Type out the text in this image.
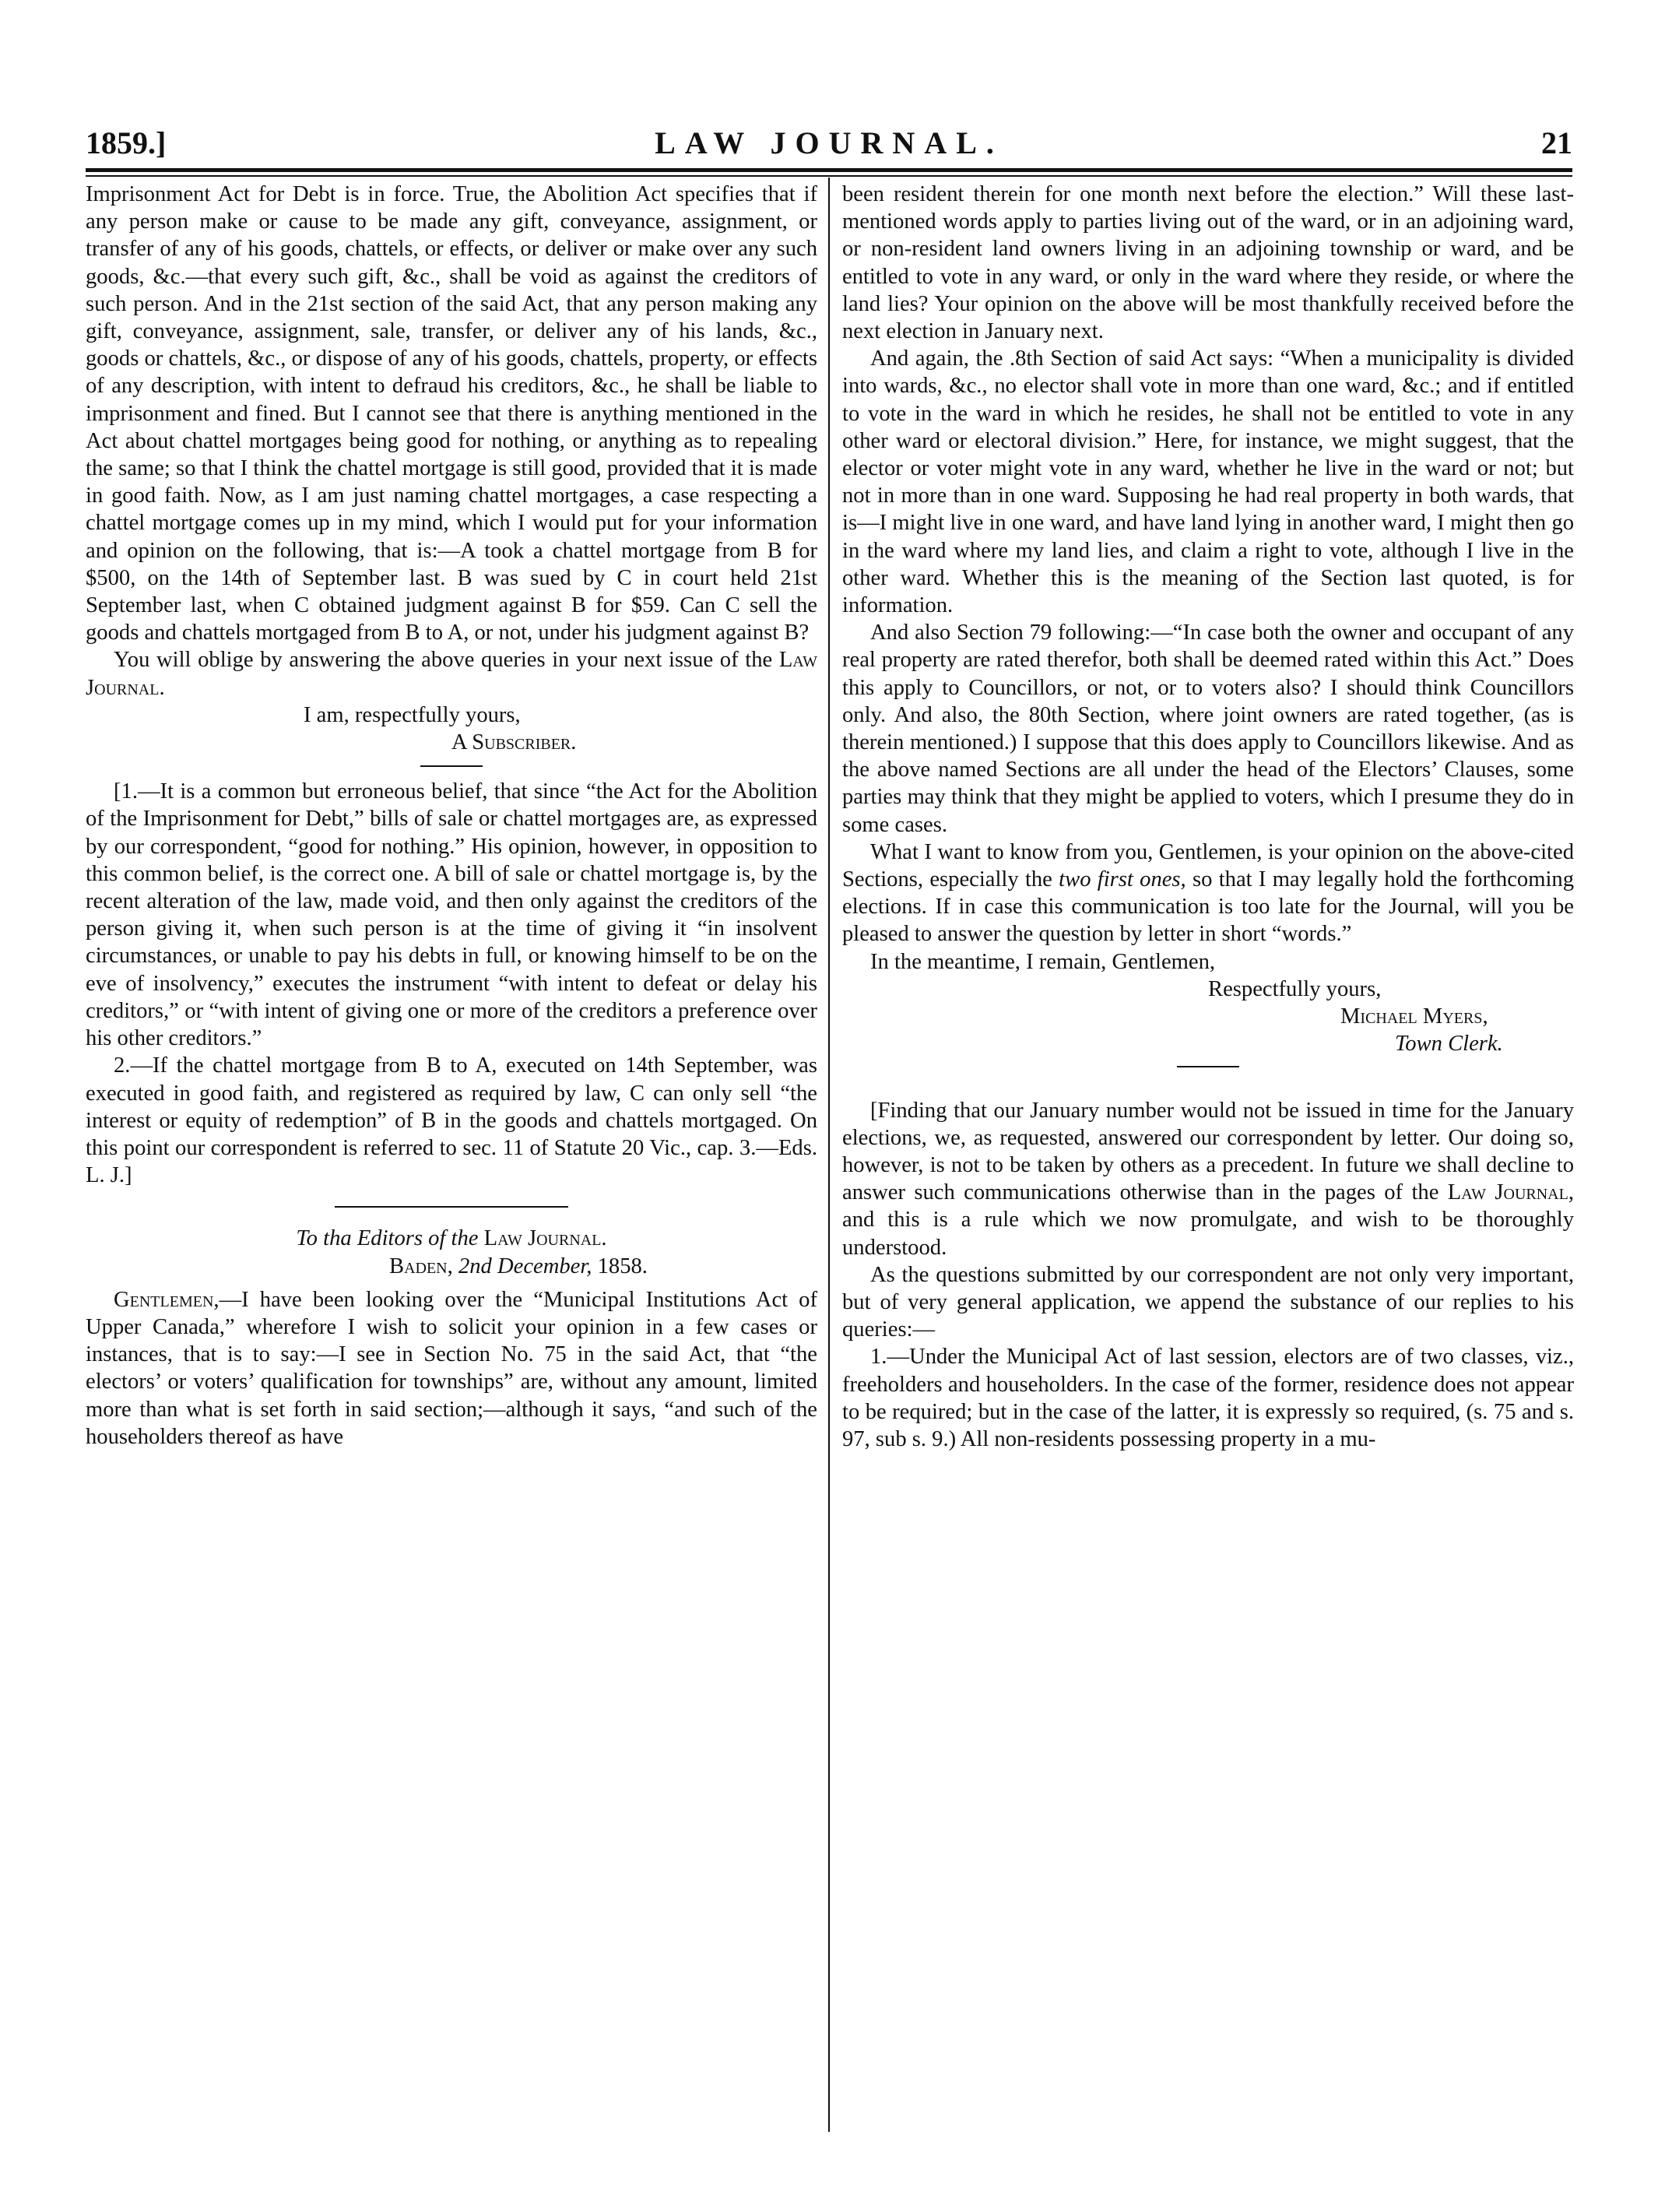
1859.]	LAW JOURNAL.	21

Imprisonment Act for Debt is in force. True, the Abolition Act specifies that if any person make or cause to be made any gift, conveyance, assignment, or transfer of any of his goods, chattels, or effects, or deliver or make over any such goods, &c.—that every such gift, &c., shall be void as against the creditors of such person. And in the 21st section of the said Act, that any person making any gift, conveyance, assignment, sale, transfer, or deliver any of his lands, &c., goods or chattels, &c., or dispose of any of his goods, chattels, property, or effects of any description, with intent to defraud his creditors, &c., he shall be liable to imprisonment and fined. But I cannot see that there is anything mentioned in the Act about chattel mortgages being good for nothing, or anything as to repealing the same; so that I think the chattel mortgage is still good, provided that it is made in good faith. Now, as I am just naming chattel mortgages, a case respecting a chattel mortgage comes up in my mind, which I would put for your information and opinion on the following, that is:—A took a chattel mortgage from B for $500, on the 14th of September last. B was sued by C in court held 21st September last, when C obtained judgment against B for $59. Can C sell the goods and chattels mortgaged from B to A, or not, under his judgment against B?

You will oblige by answering the above queries in your next issue of the Law Journal.

I am, respectfully yours,

A Subscriber.

[1.—It is a common but erroneous belief, that since “the Act for the Abolition of the Imprisonment for Debt,” bills of sale or chattel mortgages are, as expressed by our correspondent, “good for nothing.” His opinion, however, in opposition to this common belief, is the correct one. A bill of sale or chattel mortgage is, by the recent alteration of the law, made void, and then only against the creditors of the person giving it, when such person is at the time of giving it “in insolvent circumstances, or unable to pay his debts in full, or knowing himself to be on the eve of insolvency,” executes the instrument “with intent to defeat or delay his creditors,” or “with intent of giving one or more of the creditors a preference over his other creditors.”

2.—If the chattel mortgage from B to A, executed on 14th September, was executed in good faith, and registered as required by law, C can only sell “the interest or equity of redemption” of B in the goods and chattels mortgaged. On this point our correspondent is referred to sec. 11 of Statute 20 Vic., cap. 3.—Eds. L. J.]

To tha Editors of the Law Journal.

Baden, 2nd December, 1858.

Gentlemen,—I have been looking over the “Municipal Institutions Act of Upper Canada,” wherefore I wish to solicit your opinion in a few cases or instances, that is to say:—I see in Section No. 75 in the said Act, that “the electors’ or voters’ qualification for townships” are, without any amount, limited more than what is set forth in said section;—although it says, “and such of the householders thereof as have

been resident therein for one month next before the election.” Will these last-mentioned words apply to parties living out of the ward, or in an adjoining ward, or non-resident land owners living in an adjoining township or ward, and be entitled to vote in any ward, or only in the ward where they reside, or where the land lies? Your opinion on the above will be most thankfully received before the next election in January next.

And again, the .8th Section of said Act says: “When a municipality is divided into wards, &c., no elector shall vote in more than one ward, &c.; and if entitled to vote in the ward in which he resides, he shall not be entitled to vote in any other ward or electoral division.” Here, for instance, we might suggest, that the elector or voter might vote in any ward, whether he live in the ward or not; but not in more than in one ward. Supposing he had real property in both wards, that is—I might live in one ward, and have land lying in another ward, I might then go in the ward where my land lies, and claim a right to vote, although I live in the other ward. Whether this is the meaning of the Section last quoted, is for information.

And also Section 79 following:—“In case both the owner and occupant of any real property are rated therefor, both shall be deemed rated within this Act.” Does this apply to Councillors, or not, or to voters also? I should think Councillors only. And also, the 80th Section, where joint owners are rated together, (as is therein mentioned.) I suppose that this does apply to Councillors likewise. And as the above named Sections are all under the head of the Electors’ Clauses, some parties may think that they might be applied to voters, which I presume they do in some cases.

What I want to know from you, Gentlemen, is your opinion on the above-cited Sections, especially the two first ones, so that I may legally hold the forthcoming elections. If in case this communication is too late for the Journal, will you be pleased to answer the question by letter in short “words.”

In the meantime, I remain, Gentlemen,

Respectfully yours,

Michael Myers,

Town Clerk.

[Finding that our January number would not be issued in time for the January elections, we, as requested, answered our correspondent by letter. Our doing so, however, is not to be taken by others as a precedent. In future we shall decline to answer such communications otherwise than in the pages of the Law Journal, and this is a rule which we now promulgate, and wish to be thoroughly understood.

As the questions submitted by our correspondent are not only very important, but of very general application, we append the substance of our replies to his queries:—

1.—Under the Municipal Act of last session, electors are of two classes, viz., freeholders and householders. In the case of the former, residence does not appear to be required; but in the case of the latter, it is expressly so required, (s. 75 and s. 97, sub s. 9.) All non-residents possessing property in a mu-
